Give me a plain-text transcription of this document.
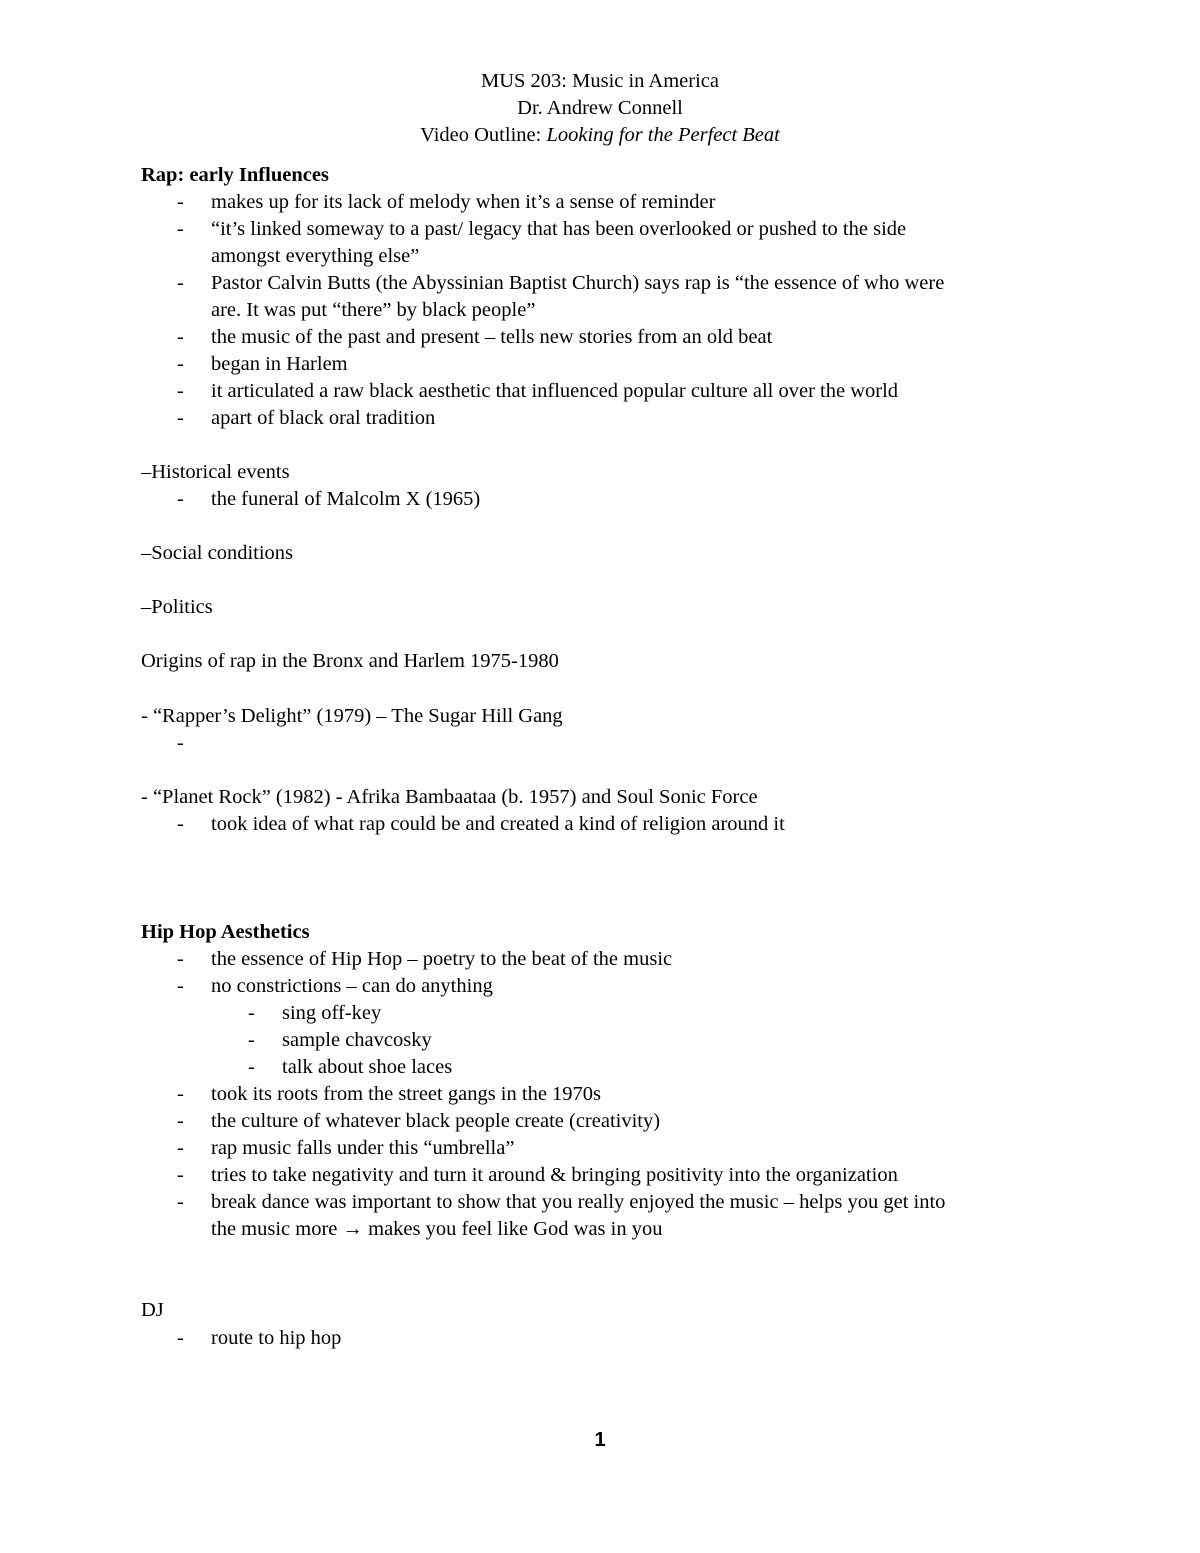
MUS 203: Music in America
Dr. Andrew Connell
Video Outline: Looking for the Perfect Beat
Rap: early Influences
- makes up for its lack of melody when it’s a sense of reminder
- “it’s linked someway to a past/ legacy that has been overlooked or pushed to the side
amongst everything else”
- Pastor Calvin Butts (the Abyssinian Baptist Church) says rap is “the essence of who were
are. It was put “there” by black people”
- the music of the past and present – tells new stories from an old beat
- began in Harlem
- it articulated a raw black aesthetic that influenced popular culture all over the world
- apart of black oral tradition
–Historical events
- the funeral of Malcolm X (1965)
–Social conditions
–Politics
Origins of rap in the Bronx and Harlem 1975-1980
- “Rapper’s Delight” (1979) – The Sugar Hill Gang
-
- “Planet Rock” (1982) - Afrika Bambaataa (b. 1957) and Soul Sonic Force
- took idea of what rap could be and created a kind of religion around it
Hip Hop Aesthetics
- the essence of Hip Hop – poetry to the beat of the music
- no constrictions – can do anything
- sing off-key
- sample chavcosky
- talk about shoe laces
- took its roots from the street gangs in the 1970s
- the culture of whatever black people create (creativity)
- rap music falls under this “umbrella”
- tries to take negativity and turn it around & bringing positivity into the organization
- break dance was important to show that you really enjoyed the music – helps you get into
the music more → makes you feel like God was in you
DJ
- route to hip hop
1
